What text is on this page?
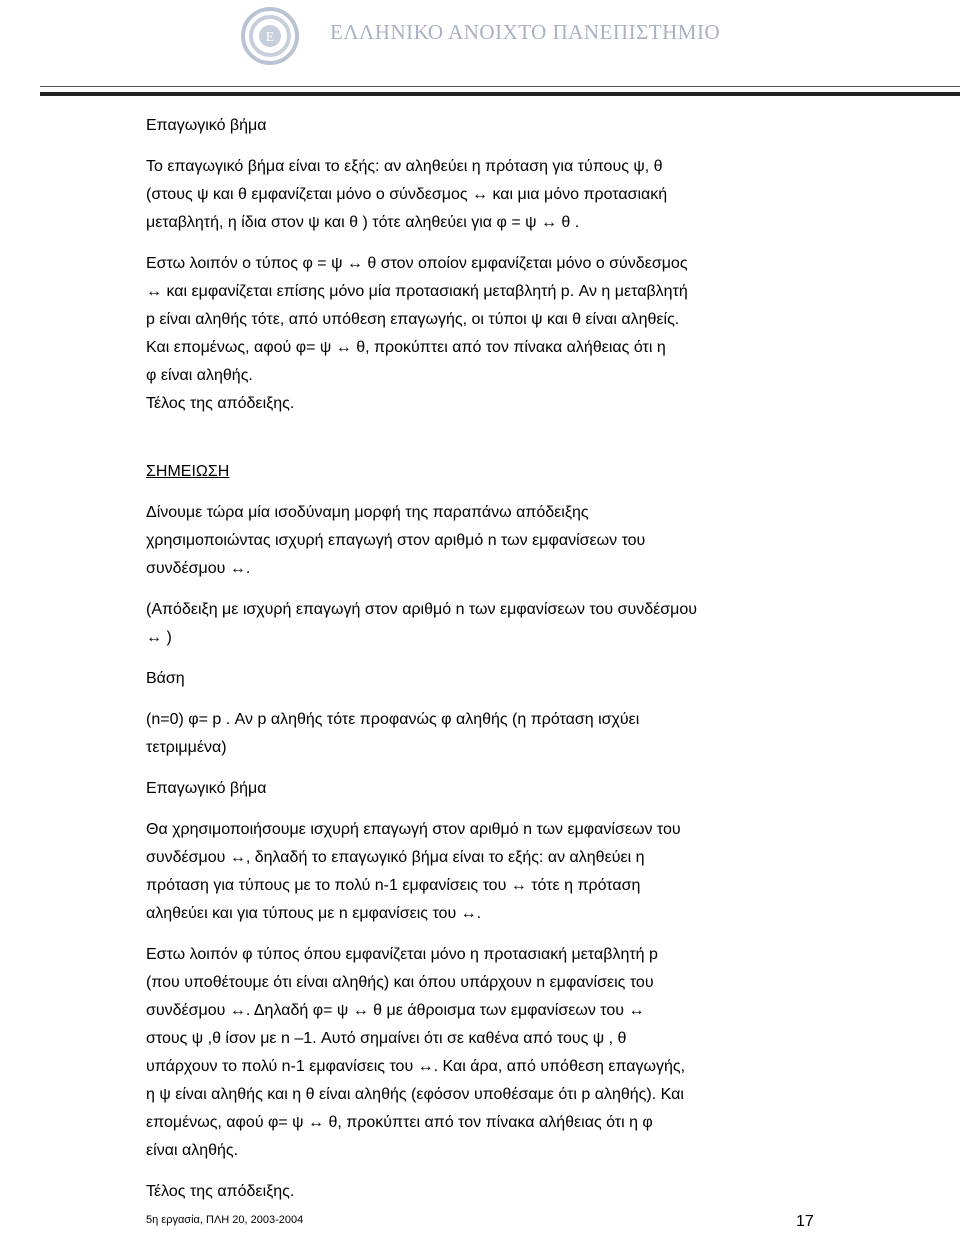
Ε	ΕΛΛΗΝΙΚΟ ΑΝΟΙΧΤΟ ΠΑΝΕΠΙΣΤΗΜΙΟ

Επαγωγικό βήμα

Το επαγωγικό βήμα είναι το εξής: αν αληθεύει η πρόταση για τύπους ψ, θ

(στους ψ και θ εμφανίζεται μόνο ο σύνδεσμος ↔ και μια μόνο προτασιακή

μεταβλητή, η ίδια στον ψ και θ ) τότε αληθεύει για φ = ψ ↔ θ .

Εστω λοιπόν ο τύπος φ = ψ ↔ θ στον οποίον εμφανίζεται μόνο ο σύνδεσμος

↔ και εμφανίζεται επίσης μόνο μία προτασιακή μεταβλητή p. Αν η μεταβλητή

p είναι αληθής τότε, από υπόθεση επαγωγής, οι τύποι ψ και θ είναι αληθείς.

Και επομένως, αφού φ= ψ ↔ θ, προκύπτει από τον πίνακα αλήθειας ότι η

φ είναι αληθής.

Τέλος της απόδειξης.

ΣΗΜΕΙΩΣΗ

Δίνουμε τώρα μία ισοδύναμη μορφή της παραπάνω απόδειξης

χρησιμοποιώντας ισχυρή επαγωγή στον αριθμό n των εμφανίσεων του

συνδέσμου ↔.

(Απόδειξη με ισχυρή επαγωγή στον αριθμό n των εμφανίσεων του συνδέσμου

↔ )

Βάση

(n=0) φ= p . Αν p αληθής τότε προφανώς φ αληθής (η πρόταση ισχύει

τετριμμένα)

Επαγωγικό βήμα

Θα χρησιμοποιήσουμε ισχυρή επαγωγή στον αριθμό n των εμφανίσεων του

συνδέσμου ↔, δηλαδή το επαγωγικό βήμα είναι το εξής: αν αληθεύει η

πρόταση για τύπους με το πολύ n-1 εμφανίσεις του ↔ τότε η πρόταση

αληθεύει και για τύπους με n εμφανίσεις του ↔.

Εστω λοιπόν φ τύπος όπου εμφανίζεται μόνο η προτασιακή μεταβλητή p

(που υποθέτουμε ότι είναι αληθής) και όπου υπάρχουν n εμφανίσεις του

συνδέσμου ↔. Δηλαδή φ= ψ ↔ θ με άθροισμα των εμφανίσεων του ↔

στους ψ ,θ ίσον με n –1. Αυτό σημαίνει ότι σε καθένα από τους ψ , θ

υπάρχουν το πολύ n-1 εμφανίσεις του ↔. Και άρα, από υπόθεση επαγωγής,

η ψ είναι αληθής και η θ είναι αληθής (εφόσον υποθέσαμε ότι p αληθής). Και

επομένως, αφού φ= ψ ↔ θ, προκύπτει από τον πίνακα αλήθειας ότι η φ

είναι αληθής.

Τέλος της απόδειξης.

5η εργασία, ΠΛΗ 20, 2003-2004	17
